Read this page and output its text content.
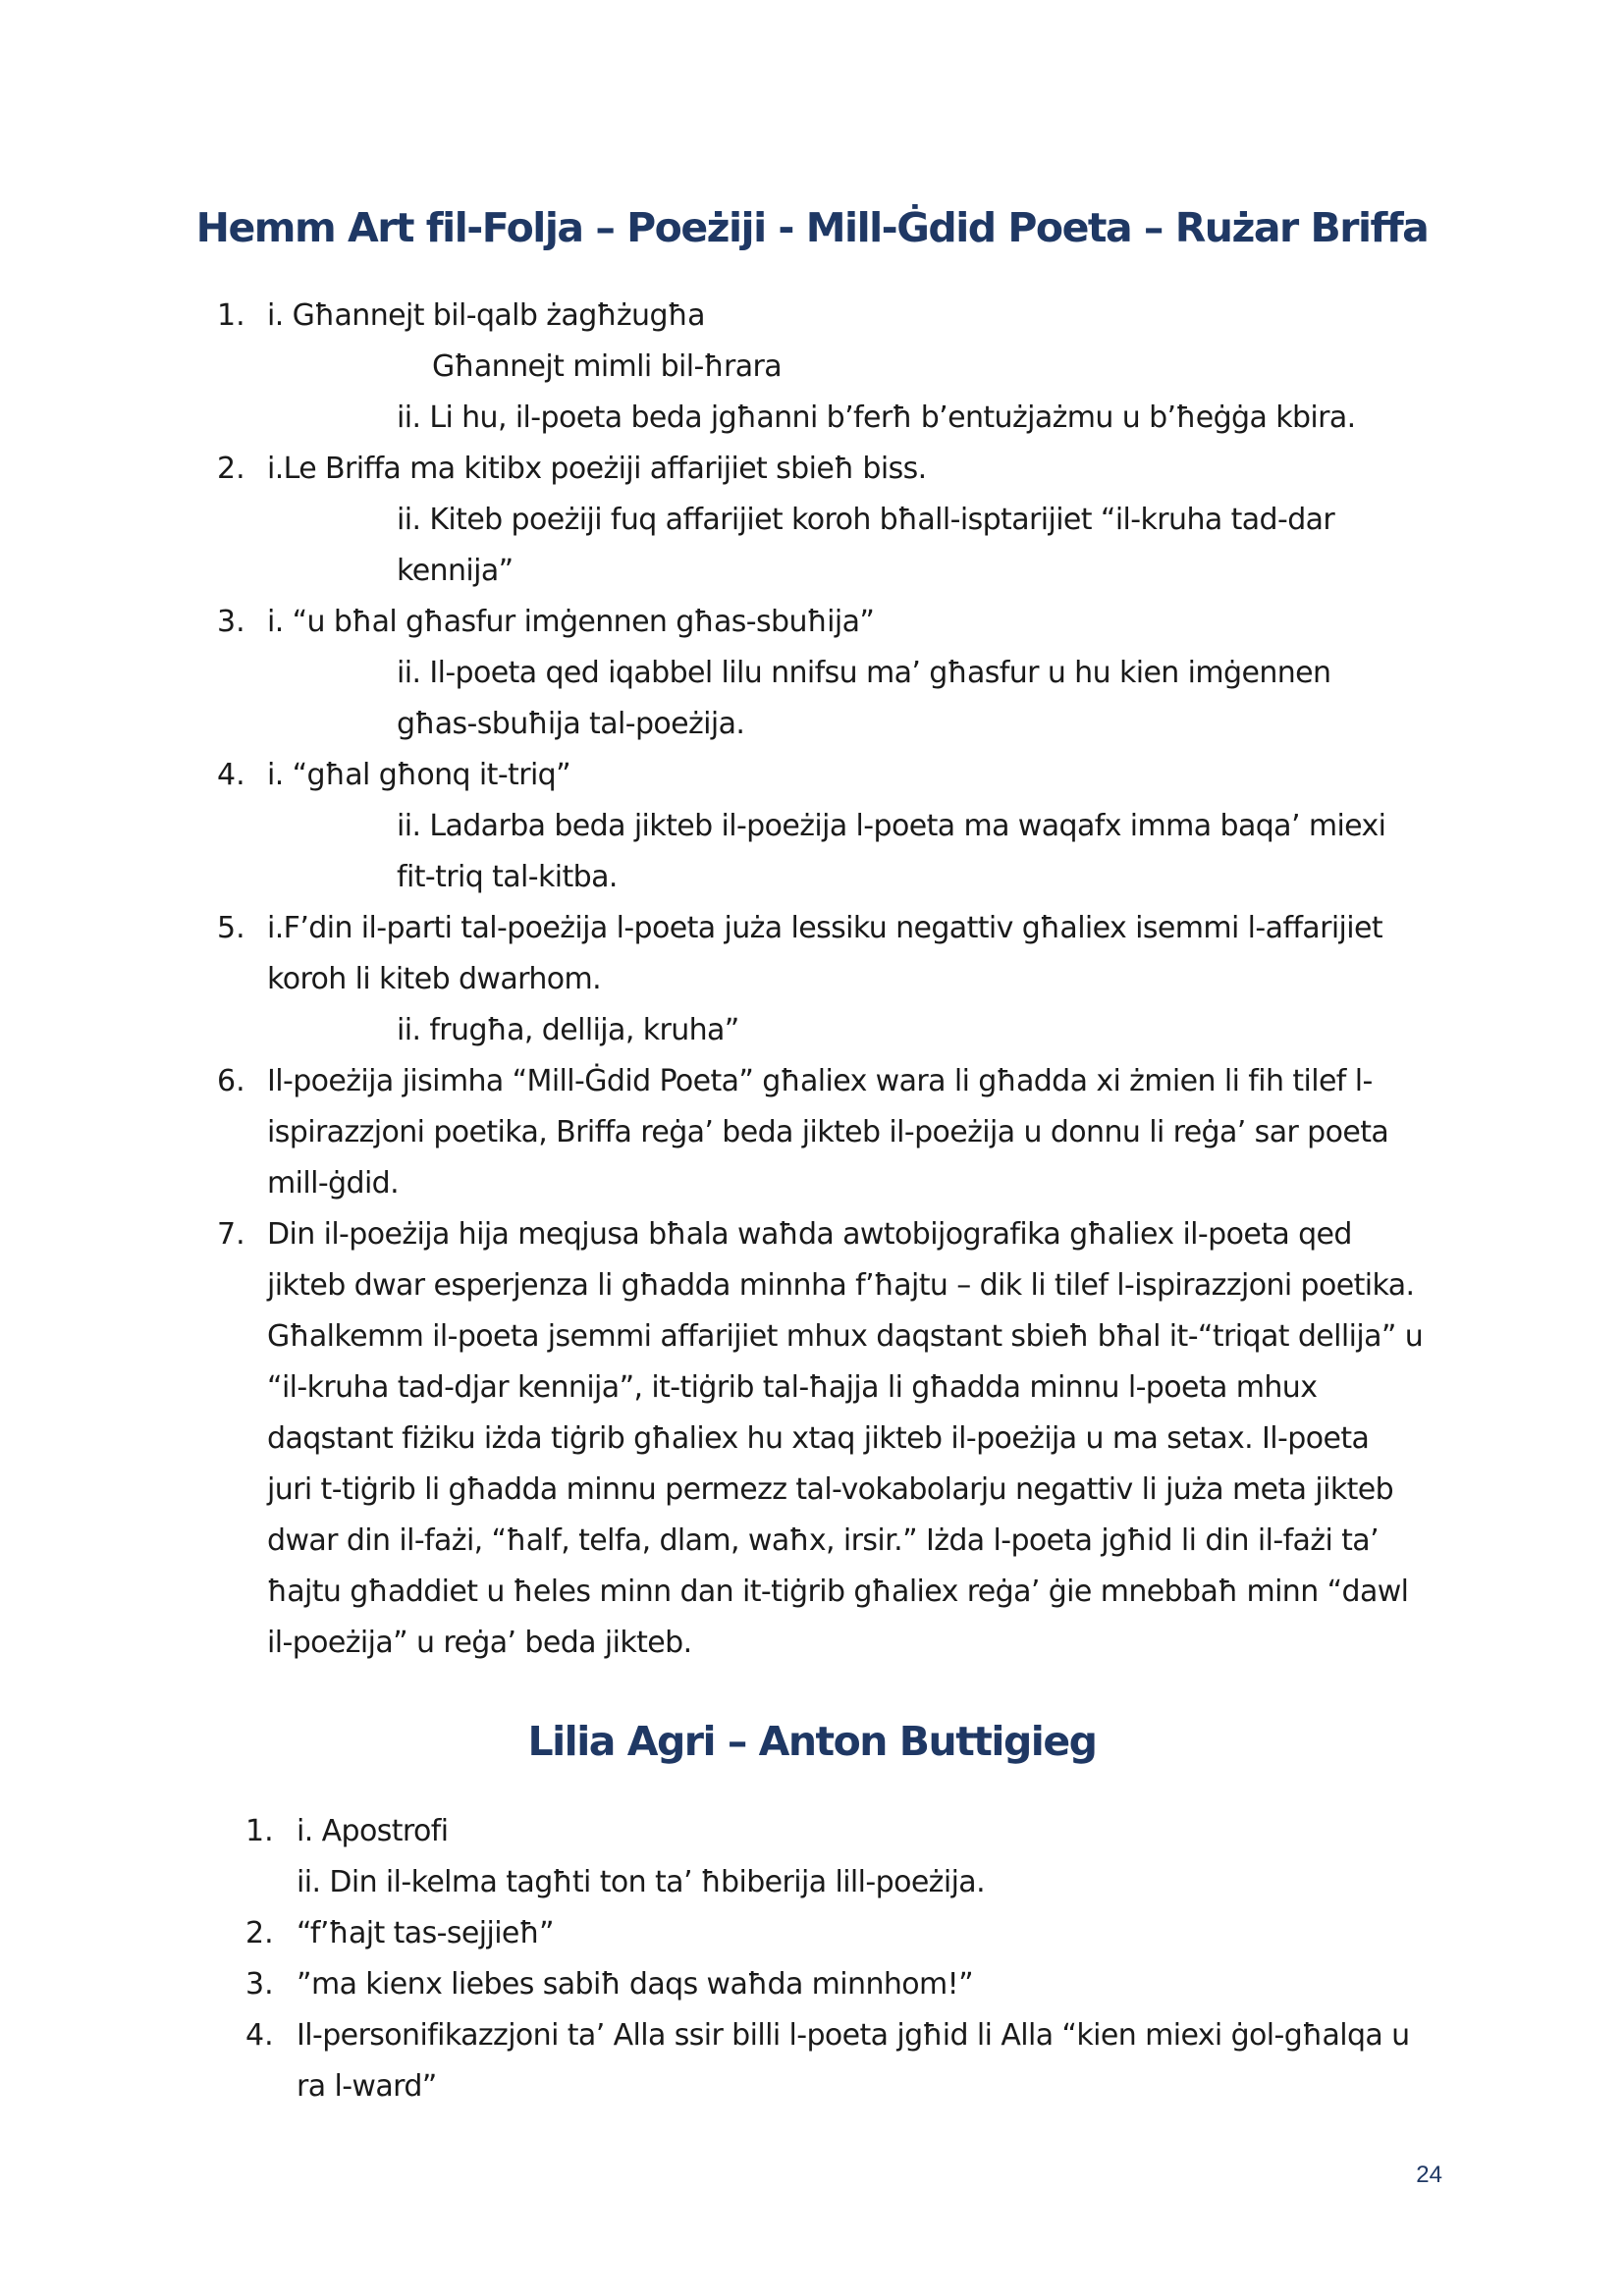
Hemm Art fil-Folja – Poeżiji - Mill-Ġdid Poeta – Rużar Briffa
1. i. Għannejt bil-qalb żagħżugħa
Għannejt mimli bil-ħrara
ii. Li hu, il-poeta beda jgħanni b’ferħ b’entużjażmu u b’ħeġġa kbira.
2. i.Le Briffa ma kitibx poeżiji affarijiet sbieħ biss.
ii. Kiteb poeżiji fuq affarijiet koroh bħall-isptarijiet “il-kruha tad-dar
kennija”
3. i. “u bħal għasfur imġennen għas-sbuħija”
ii. Il-poeta qed iqabbel lilu nnifsu ma’ għasfur u hu kien imġennen
għas-sbuħija tal-poeżija.
4. i. “għal għonq it-triq”
ii. Ladarba beda jikteb il-poeżija l-poeta ma waqafx imma baqa’ miexi
fit-triq tal-kitba.
5. i.F’din il-parti tal-poeżija l-poeta juża lessiku negattiv għaliex isemmi l-affarijiet
koroh li kiteb dwarhom.
ii. frugħa, dellija, kruha”
6. Il-poeżija jisimha “Mill-Ġdid Poeta” għaliex wara li għadda xi żmien li fih tilef l-
ispirazzjoni poetika, Briffa reġa’ beda jikteb il-poeżija u donnu li reġa’ sar poeta
mill-ġdid.
7. Din il-poeżija hija meqjusa bħala waħda awtobijografika għaliex il-poeta qed
jikteb dwar esperjenza li għadda minnha f’ħajtu – dik li tilef l-ispirazzjoni poetika.
Għalkemm il-poeta jsemmi affarijiet mhux daqstant sbieħ bħal it-“triqat dellija” u
“il-kruha tad-djar kennija”, it-tiġrib tal-ħajja li għadda minnu l-poeta mhux
daqstant fiżiku iżda tiġrib għaliex hu xtaq jikteb il-poeżija u ma setax. Il-poeta
juri t-tiġrib li għadda minnu permezz tal-vokabolarju negattiv li juża meta jikteb
dwar din il-fażi, “ħalf, telfa, dlam, waħx, irsir.” Iżda l-poeta jgħid li din il-fażi ta’
ħajtu għaddiet u ħeles minn dan it-tiġrib għaliex reġa’ ġie mnebbaħ minn “dawl
il-poeżija” u reġa’ beda jikteb.
Lilia Agri – Anton Buttigieg
1. i. Apostrofi
ii. Din il-kelma tagħti ton ta’ ħbiberija lill-poeżija.
2. “f’ħajt tas-sejjieħ”
3. ”ma kienx liebes sabiħ daqs waħda minnhom!”
4. Il-personifikazzjoni ta’ Alla ssir billi l-poeta jgħid li Alla “kien miexi ġol-għalqa u
ra l-ward”
24
